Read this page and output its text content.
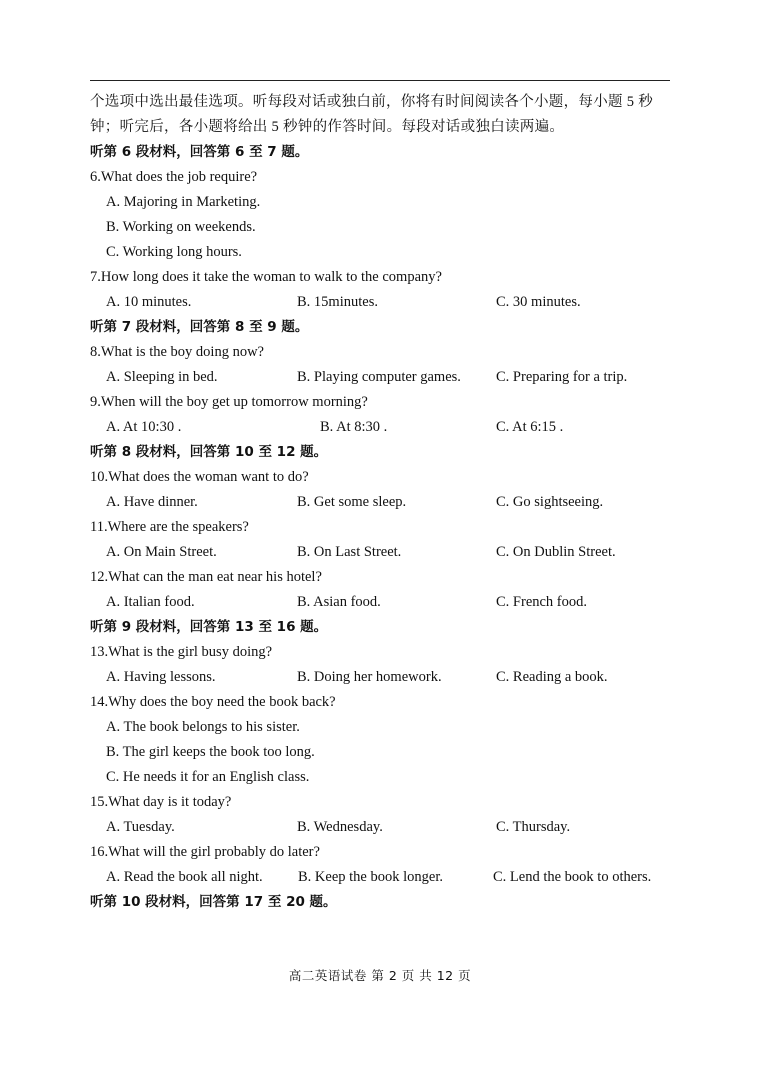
个选项中选出最佳选项。听每段对话或独白前，你将有时间阅读各个小题，每小题 5 秒钟；听完后，各小题将给出 5 秒钟的作答时间。每段对话或独白读两遍。

听第 6 段材料，回答第 6 至 7 题。
6.What does the job require?
A. Majoring in Marketing.
B. Working on weekends.
C. Working long hours.
7.How long does it take the woman to walk to the company?
A. 10 minutes.	B. 15minutes.	C. 30 minutes.
听第 7 段材料，回答第 8 至 9 题。
8.What is the boy doing now?
A. Sleeping in bed.	B. Playing computer games. C. Preparing for a trip.
9.When will the boy get up tomorrow morning?
A. At 10:30 .	B. At 8:30 .	C. At 6:15 .
听第 8 段材料，回答第 10 至 12 题。
10.What does the woman want to do?
A. Have dinner.	B. Get some sleep.	C. Go sightseeing.
11.Where are the speakers?
A. On Main Street.	B. On Last Street.	C. On Dublin Street.
12.What can the man eat near his hotel?
A. Italian food.	B. Asian food.	C. French food.
听第 9 段材料，回答第 13 至 16 题。
13.What is the girl busy doing?
A. Having lessons.	B. Doing her homework.	C. Reading a book.
14.Why does the boy need the book back?
A. The book belongs to his sister.
B. The girl keeps the book too long.
C. He needs it for an English class.
15.What day is it today?
A. Tuesday.	B. Wednesday.	C. Thursday.
16.What will the girl probably do later?
A. Read the book all night. B. Keep the book longer.	C. Lend the book to others.
听第 10 段材料，回答第 17 至 20 题。
高二英语试卷 第 2 页 共 12 页
